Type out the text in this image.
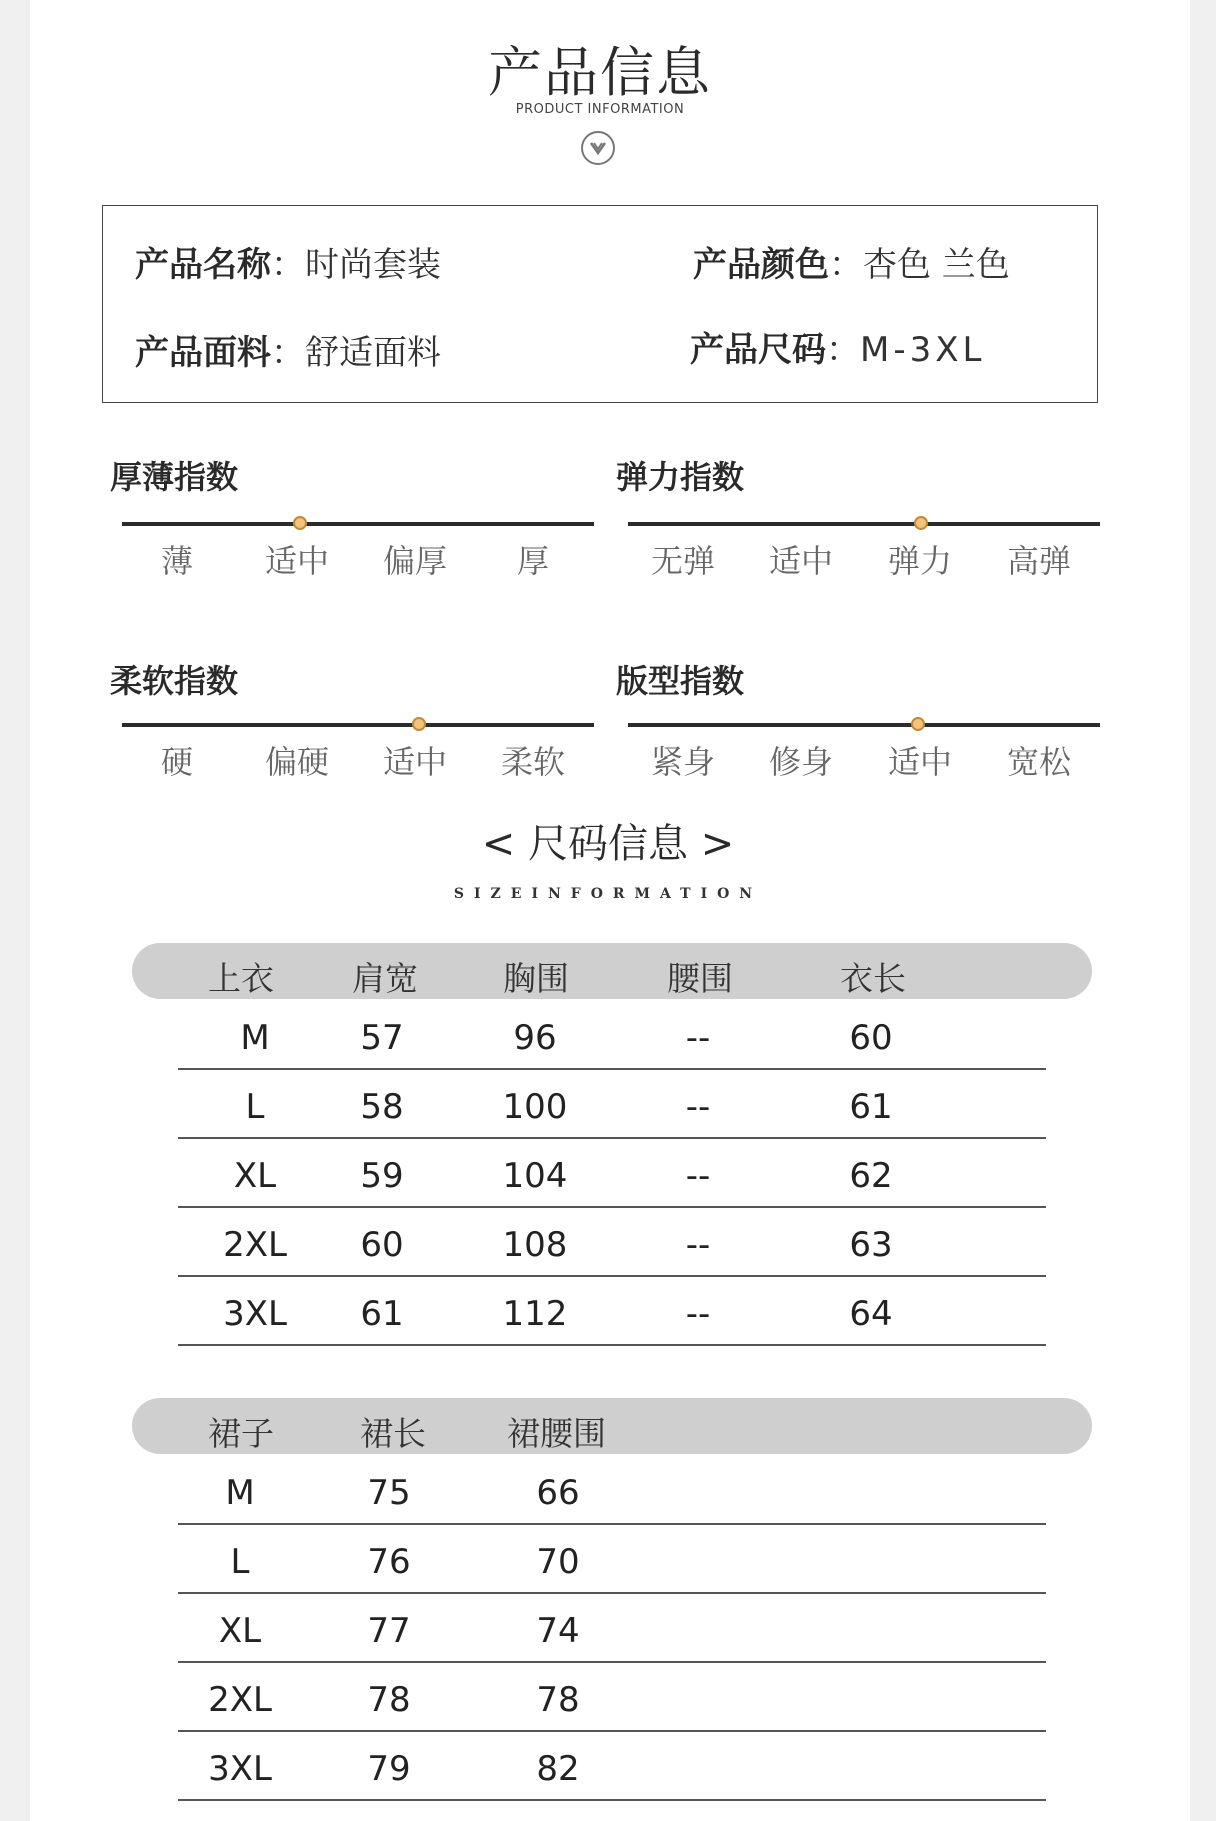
产品信息
PRODUCT INFORMATION
产品名称：时尚套装	产品颜色：杏色 兰色
产品面料：舒适面料	产品尺码：M-3XL
厚薄指数	弹力指数
柔软指数	版型指数
薄	适中	偏厚	厚	无弹	适中	弹力	高弹
硬	偏硬	适中	柔软	紧身	修身	适中	宽松
< 尺码信息 >
SIZEINFORMATION
上衣 肩宽	胸围	腰围	衣长
M	57	96	--	60
L	58	100	--	61
XL	59	104	--	62
2XL	60	108	--	63
3XL	61	112	--	64
裙子	裙长 裙腰围
M	75	66
L	76	70
XL	77	74
2XL	78	78
3XL	79	82
